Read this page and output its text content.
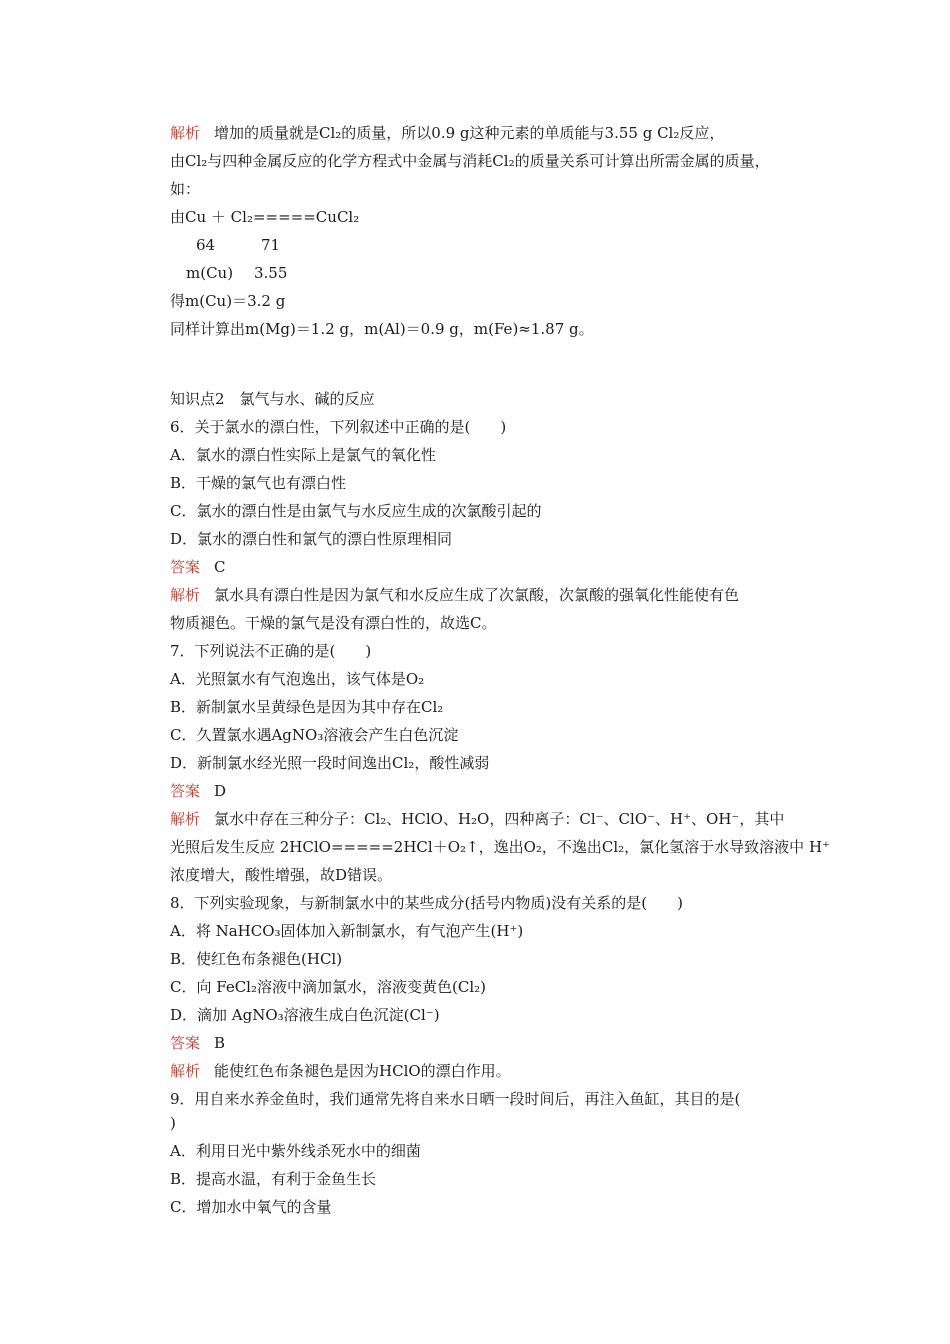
解析 增加的质量就是Cl₂的质量，所以0.9 g这种元素的单质能与3.55 g Cl₂反应，
由Cl₂与四种金属反应的化学方程式中金属与消耗Cl₂的质量关系可计算出所需金属的质量，
如：
由Cu ＋ Cl₂=====CuCl₂
64	71
m(Cu) 3.55
得m(Cu)＝3.2 g
同样计算出m(Mg)＝1.2 g，m(Al)＝0.9 g，m(Fe)≈1.87 g。
知识点2　氯气与水、碱的反应
6．关于氯水的漂白性，下列叙述中正确的是(　　)
A．氯水的漂白性实际上是氯气的氧化性
B．干燥的氯气也有漂白性
C．氯水的漂白性是由氯气与水反应生成的次氯酸引起的
D．氯水的漂白性和氯气的漂白性原理相同
答案 C
解析 氯水具有漂白性是因为氯气和水反应生成了次氯酸，次氯酸的强氧化性能使有色
物质褪色。干燥的氯气是没有漂白性的，故选C。
7．下列说法不正确的是(　　)
A．光照氯水有气泡逸出，该气体是O₂
B．新制氯水呈黄绿色是因为其中存在Cl₂
C．久置氯水遇AgNO₃溶液会产生白色沉淀
D．新制氯水经光照一段时间逸出Cl₂，酸性减弱
答案 D
解析 氯水中存在三种分子：Cl₂、HClO、H₂O，四种离子：Cl⁻、ClO⁻、H⁺、OH⁻，其中
光照后发生反应 2HClO=====2HCl＋O₂↑，逸出O₂，不逸出Cl₂，氯化氢溶于水导致溶液中 H⁺
浓度增大，酸性增强，故D错误。
8．下列实验现象，与新制氯水中的某些成分(括号内物质)没有关系的是(　　)
A．将 NaHCO₃固体加入新制氯水，有气泡产生(H⁺)
B．使红色布条褪色(HCl)
C．向 FeCl₂溶液中滴加氯水，溶液变黄色(Cl₂)
D．滴加 AgNO₃溶液生成白色沉淀(Cl⁻)
答案 B
解析 能使红色布条褪色是因为HClO的漂白作用。
9．用自来水养金鱼时，我们通常先将自来水日晒一段时间后，再注入鱼缸，其目的是(
)
A．利用日光中紫外线杀死水中的细菌
B．提高水温，有利于金鱼生长
C．增加水中氧气的含量
